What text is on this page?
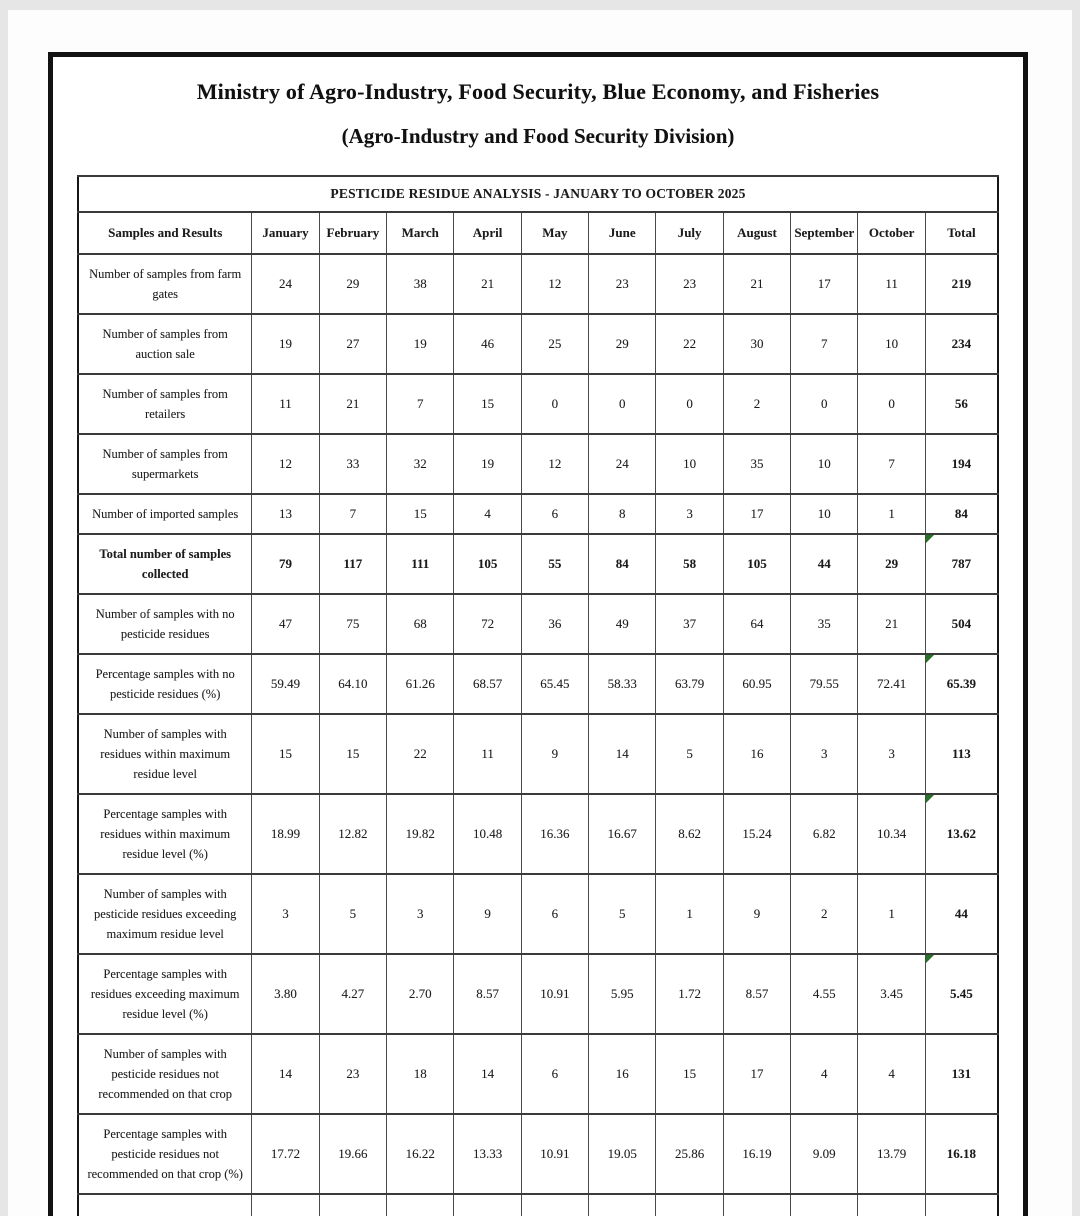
Ministry of Agro-Industry, Food Security, Blue Economy, and Fisheries
(Agro-Industry and Food Security Division)
PESTICIDE RESIDUE ANALYSIS - JANUARY TO OCTOBER 2025											
Samples and Results	January	February	March	April	May	June	July	August	September	October	Total
Number of samples from farm gates	24	29	38	21	12	23	23	21	17	11	219
Number of samples from auction sale	19	27	19	46	25	29	22	30	7	10	234
Number of samples from retailers	11	21	7	15	0	0	0	2	0	0	56
Number of samples from supermarkets	12	33	32	19	12	24	10	35	10	7	194
Number of imported samples	13	7	15	4	6	8	3	17	10	1	84
Total number of samples collected	79	117	111	105	55	84	58	105	44	29	787
Number of samples with no pesticide residues	47	75	68	72	36	49	37	64	35	21	504
Percentage samples with no pesticide residues (%)	59.49	64.10	61.26	68.57	65.45	58.33	63.79	60.95	79.55	72.41	65.39
Number of samples with residues within maximum residue level	15	15	22	11	9	14	5	16	3	3	113
Percentage samples with residues within maximum residue level (%)	18.99	12.82	19.82	10.48	16.36	16.67	8.62	15.24	6.82	10.34	13.62
Number of samples with pesticide residues exceeding maximum residue level	3	5	3	9	6	5	1	9	2	1	44
Percentage samples with residues exceeding maximum residue level (%)	3.80	4.27	2.70	8.57	10.91	5.95	1.72	8.57	4.55	3.45	5.45
Number of samples with pesticide residues not recommended on that crop	14	23	18	14	6	16	15	17	4	4	131
Percentage samples with pesticide residues not recommended on that crop (%)	17.72	19.66	16.22	13.33	10.91	19.05	25.86	16.19	9.09	13.79	16.18
